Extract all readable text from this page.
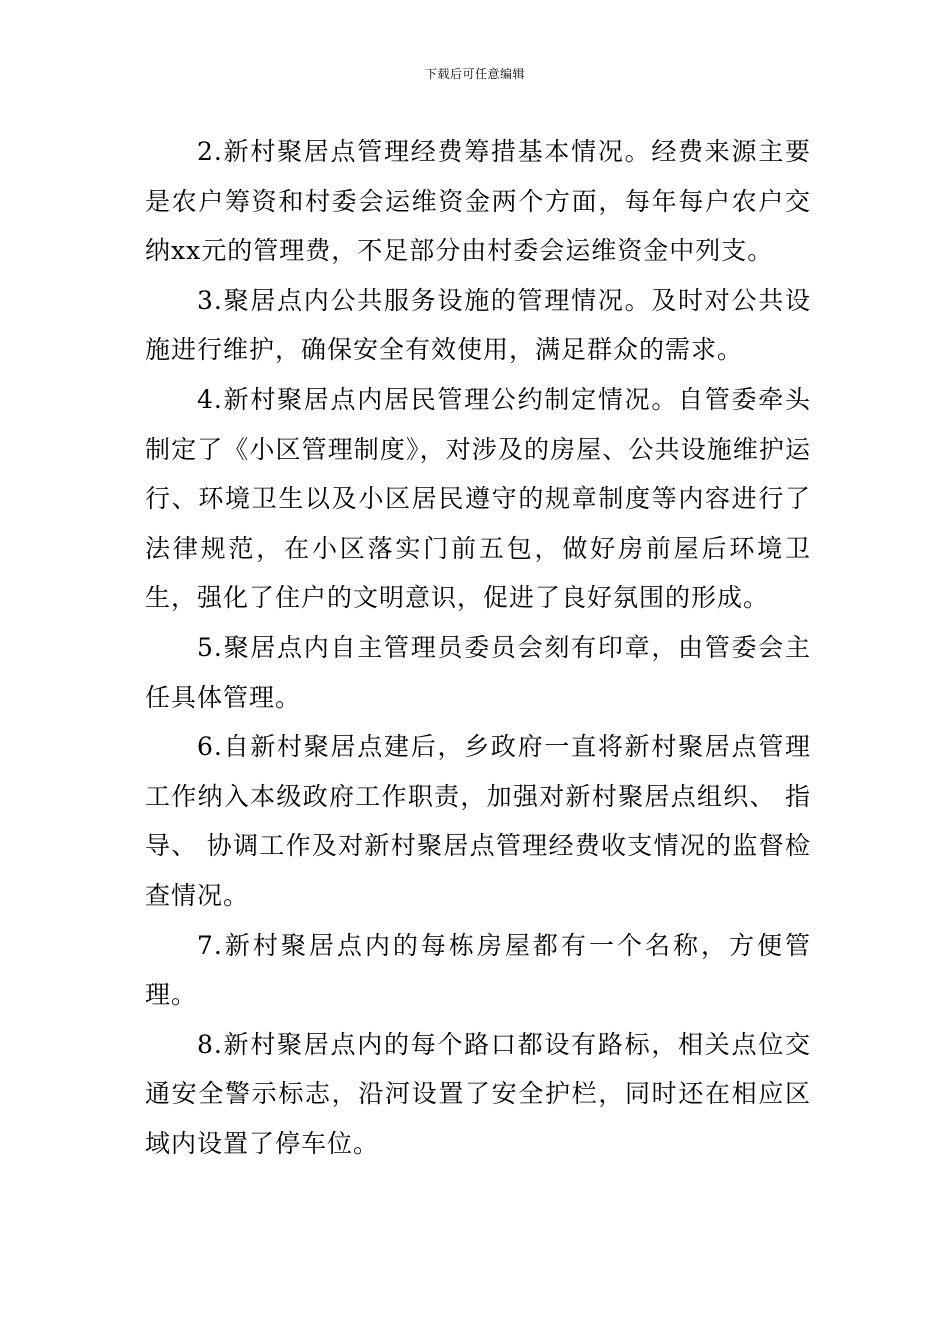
下载后可任意编辑

2.新村聚居点管理经费筹措基本情况。经费来源主要是农户筹资和村委会运维资金两个方面，每年每户农户交纳xx元的管理费，不足部分由村委会运维资金中列支。

3.聚居点内公共服务设施的管理情况。及时对公共设施进行维护，确保安全有效使用，满足群众的需求。

4.新村聚居点内居民管理公约制定情况。自管委牵头制定了《小区管理制度》，对涉及的房屋、公共设施维护运行、环境卫生以及小区居民遵守的规章制度等内容进行了法律规范，在小区落实门前五包，做好房前屋后环境卫生，强化了住户的文明意识，促进了良好氛围的形成。

5.聚居点内自主管理员委员会刻有印章，由管委会主任具体管理。

6.自新村聚居点建后，乡政府一直将新村聚居点管理工作纳入本级政府工作职责，加强对新村聚居点组织、 指导、 协调工作及对新村聚居点管理经费收支情况的监督检查情况。

7.新村聚居点内的每栋房屋都有一个名称，方便管理。

8.新村聚居点内的每个路口都设有路标，相关点位交通安全警示标志，沿河设置了安全护栏，同时还在相应区域内设置了停车位。
